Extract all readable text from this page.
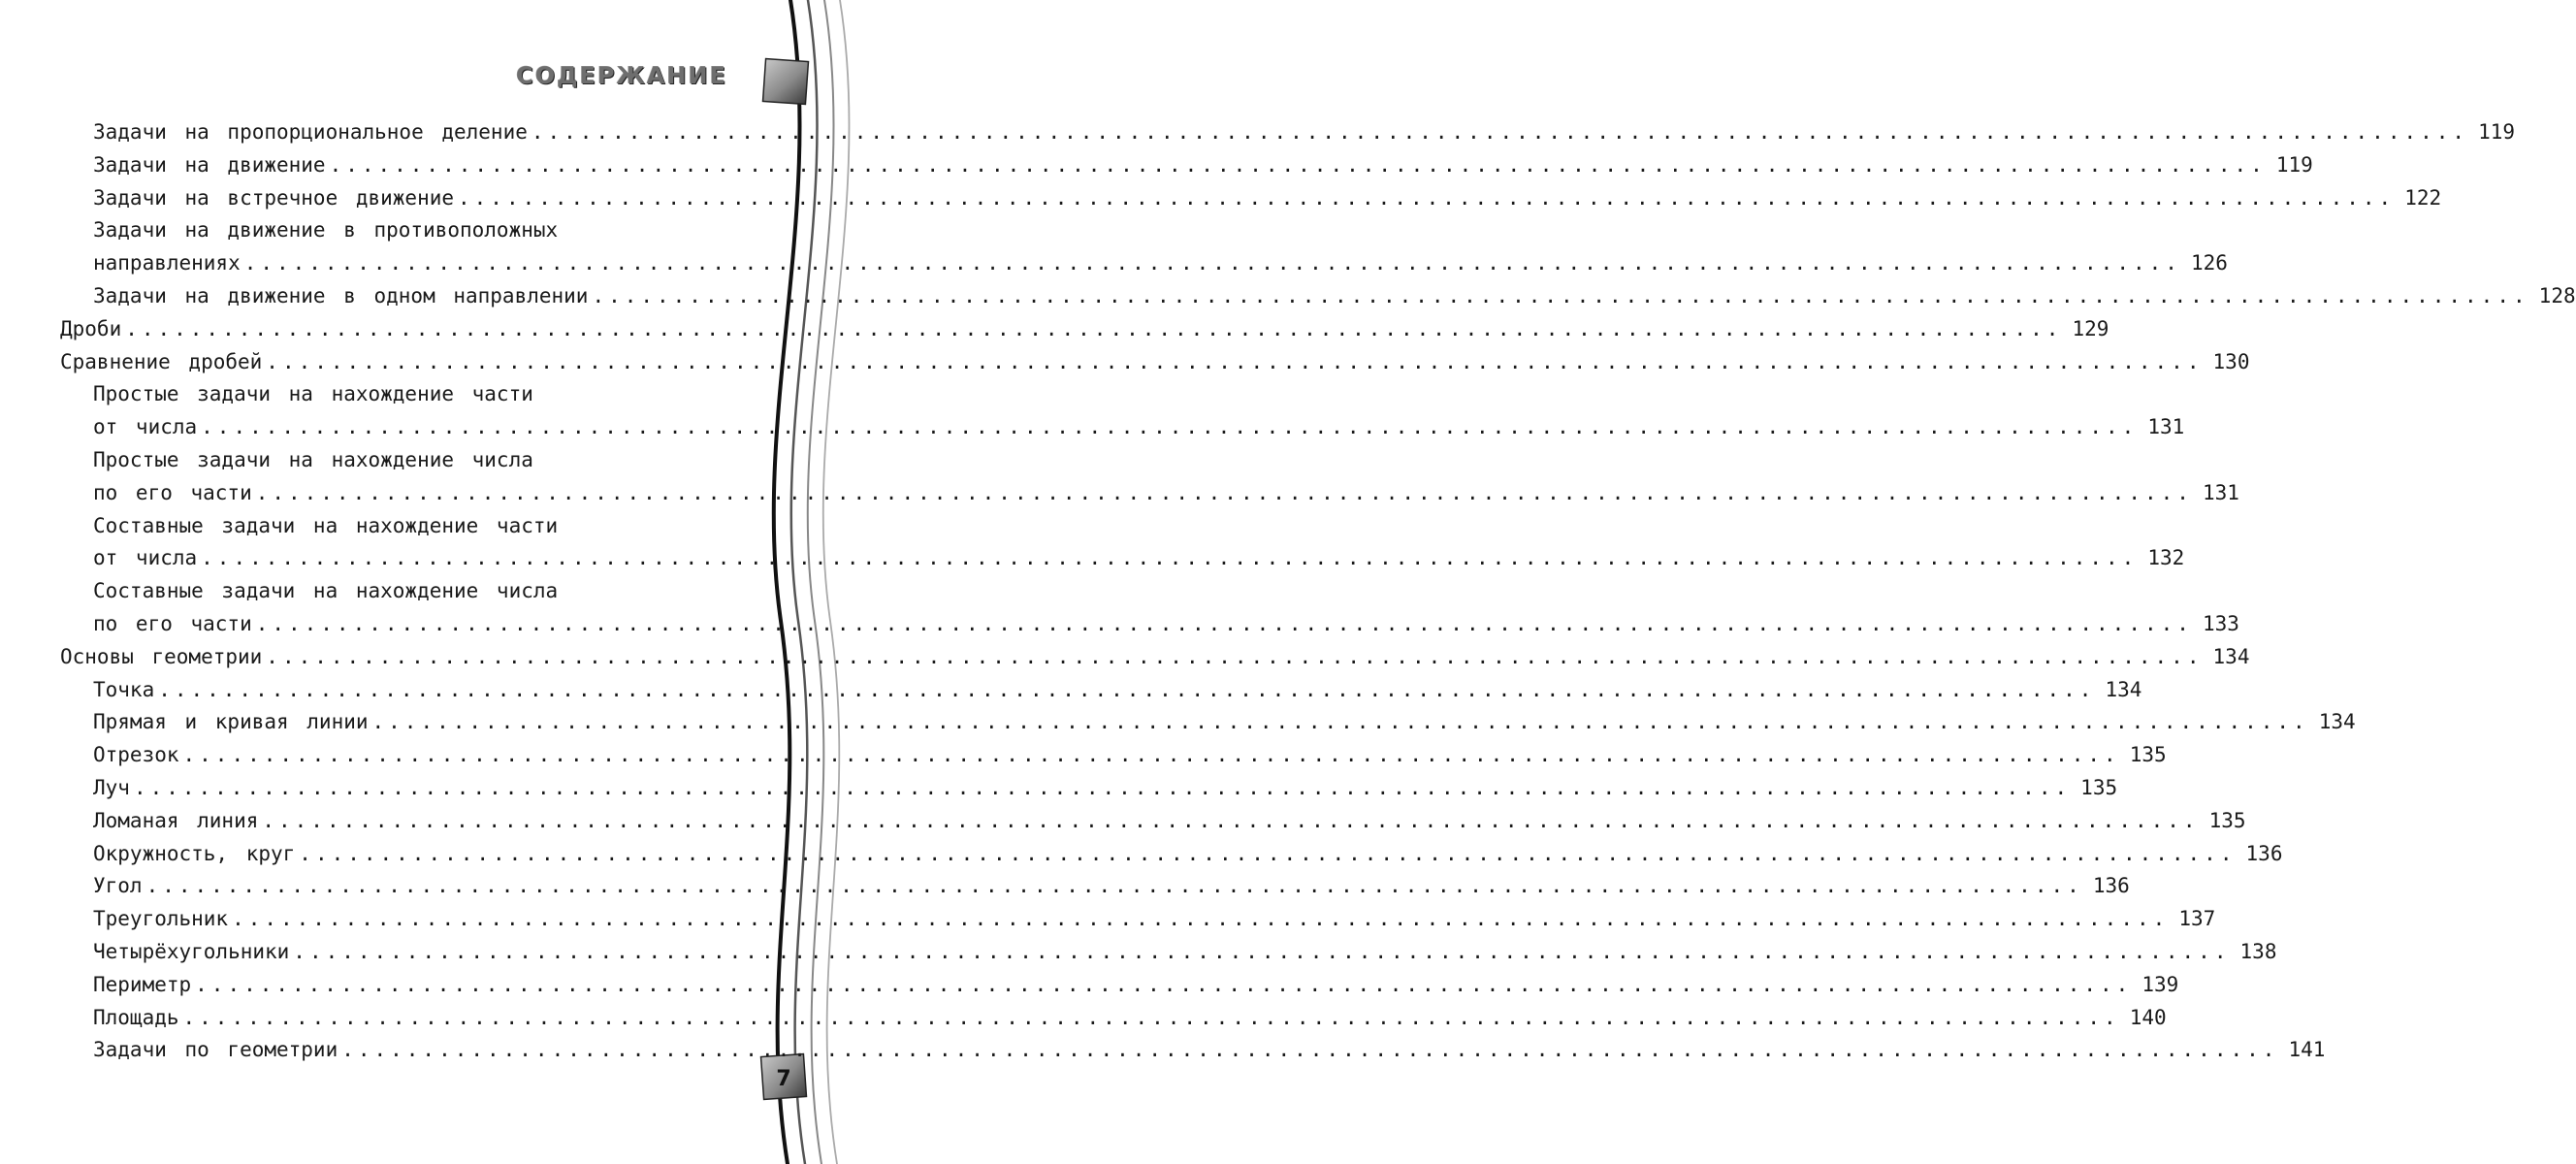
7
СОДЕРЖАНИЕ
Задачи на пропорциональное деление ........................................................................................................................ 119
Задачи на движение ........................................................................................................................ 119
Задачи на встречное движение ........................................................................................................................ 122
Задачи на движение в противоположных
направлениях ........................................................................................................................ 126
Задачи на движение в одном направлении ........................................................................................................................ 128
Дроби ........................................................................................................................ 129
Сравнение дробей ........................................................................................................................ 130
Простые задачи на нахождение части
от числа ........................................................................................................................ 131
Простые задачи на нахождение числа
по его части ........................................................................................................................ 131
Составные задачи на нахождение части
от числа ........................................................................................................................ 132
Составные задачи на нахождение числа
по его части ........................................................................................................................ 133
Основы геометрии ........................................................................................................................ 134
Точка ........................................................................................................................ 134
Прямая и кривая линии ........................................................................................................................ 134
Отрезок ........................................................................................................................ 135
Луч ........................................................................................................................ 135
Ломаная линия ........................................................................................................................ 135
Окружность, круг ........................................................................................................................ 136
Угол ........................................................................................................................ 136
Треугольник ........................................................................................................................ 137
Четырёхугольники ........................................................................................................................ 138
Периметр ........................................................................................................................ 139
Площадь ........................................................................................................................ 140
Задачи по геометрии ........................................................................................................................ 141
